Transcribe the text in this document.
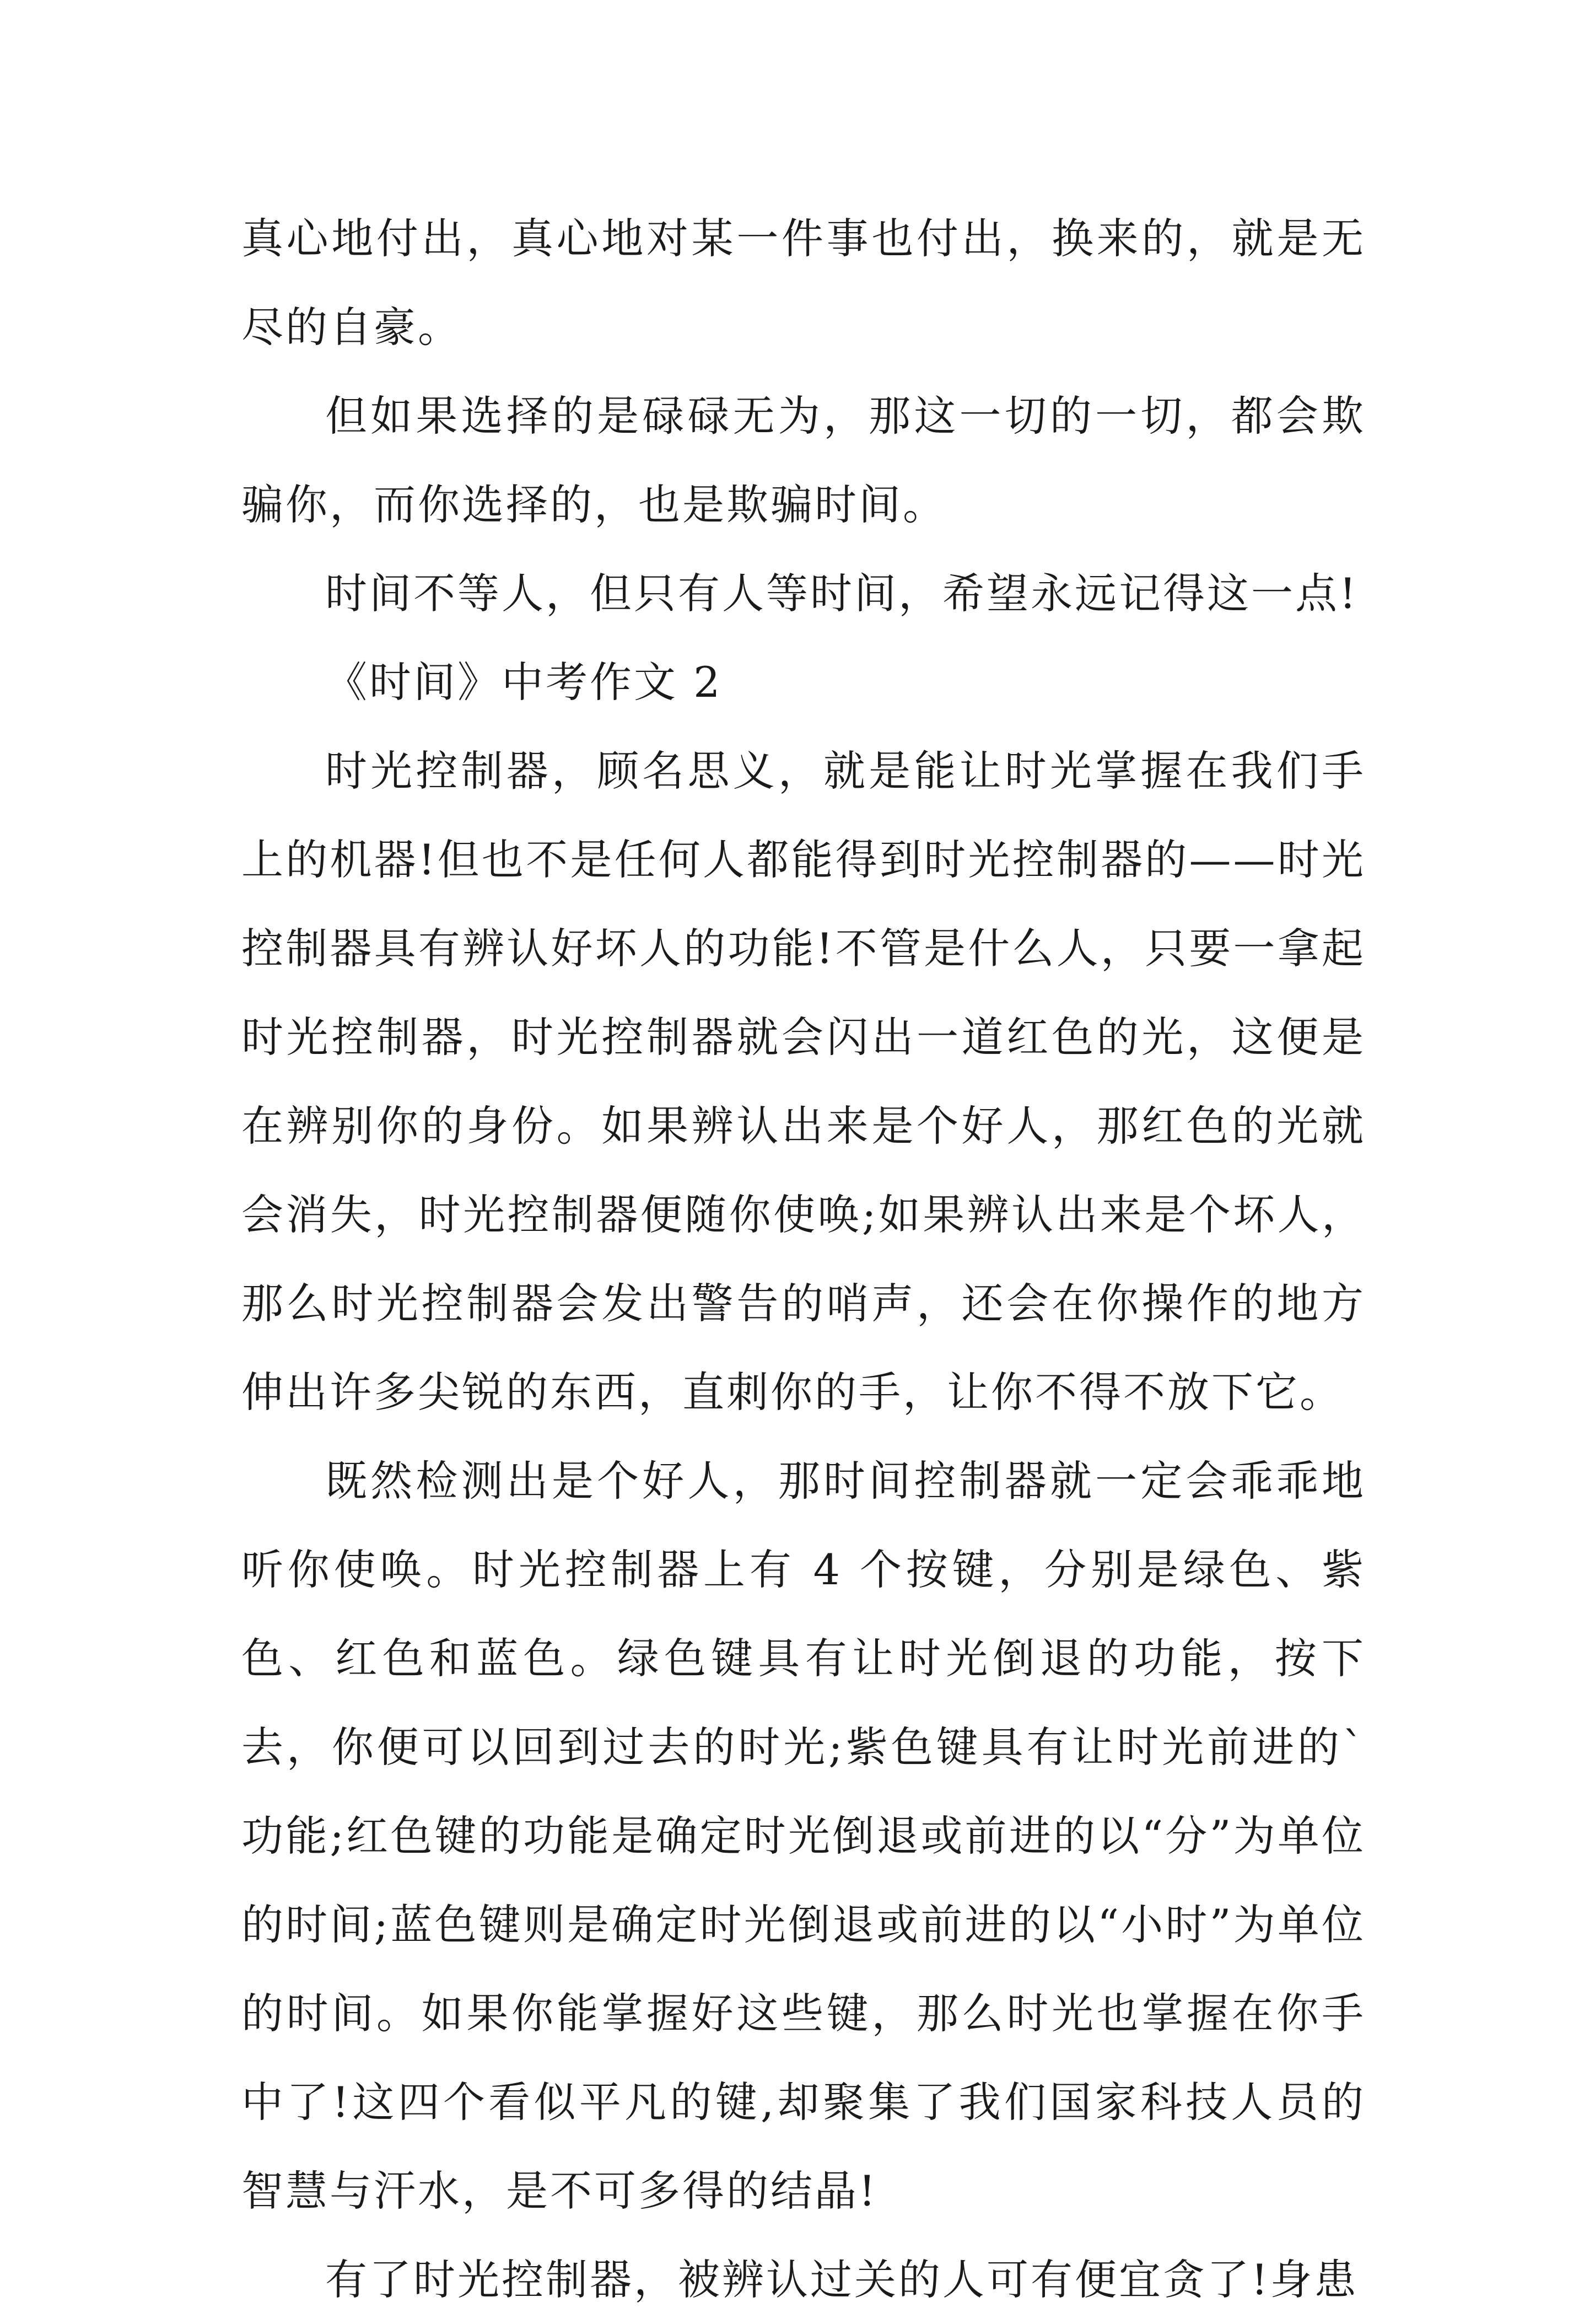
真心地付出，真心地对某一件事也付出，换来的，就是无尽的自豪。

但如果选择的是碌碌无为，那这一切的一切，都会欺骗你，而你选择的，也是欺骗时间。

时间不等人，但只有人等时间，希望永远记得这一点!

《时间》中考作文 2

时光控制器，顾名思义，就是能让时光掌握在我们手上的机器!但也不是任何人都能得到时光控制器的——时光控制器具有辨认好坏人的功能!不管是什么人，只要一拿起时光控制器，时光控制器就会闪出一道红色的光，这便是在辨别你的身份。如果辨认出来是个好人，那红色的光就会消失，时光控制器便随你使唤;如果辨认出来是个坏人，那么时光控制器会发出警告的哨声，还会在你操作的地方伸出许多尖锐的东西，直刺你的手，让你不得不放下它。

既然检测出是个好人，那时间控制器就一定会乖乖地听你使唤。时光控制器上有 4 个按键，分别是绿色、紫色、红色和蓝色。绿色键具有让时光倒退的功能，按下去，你便可以回到过去的时光;紫色键具有让时光前进的`功能;红色键的功能是确定时光倒退或前进的以“分”为单位的时间;蓝色键则是确定时光倒退或前进的以“小时”为单位的时间。如果你能掌握好这些键，那么时光也掌握在你手中了!这四个看似平凡的键,却聚集了我们国家科技人员的智慧与汗水，是不可多得的结晶!

有了时光控制器，被辨认过关的人可有便宜贪了!身患
